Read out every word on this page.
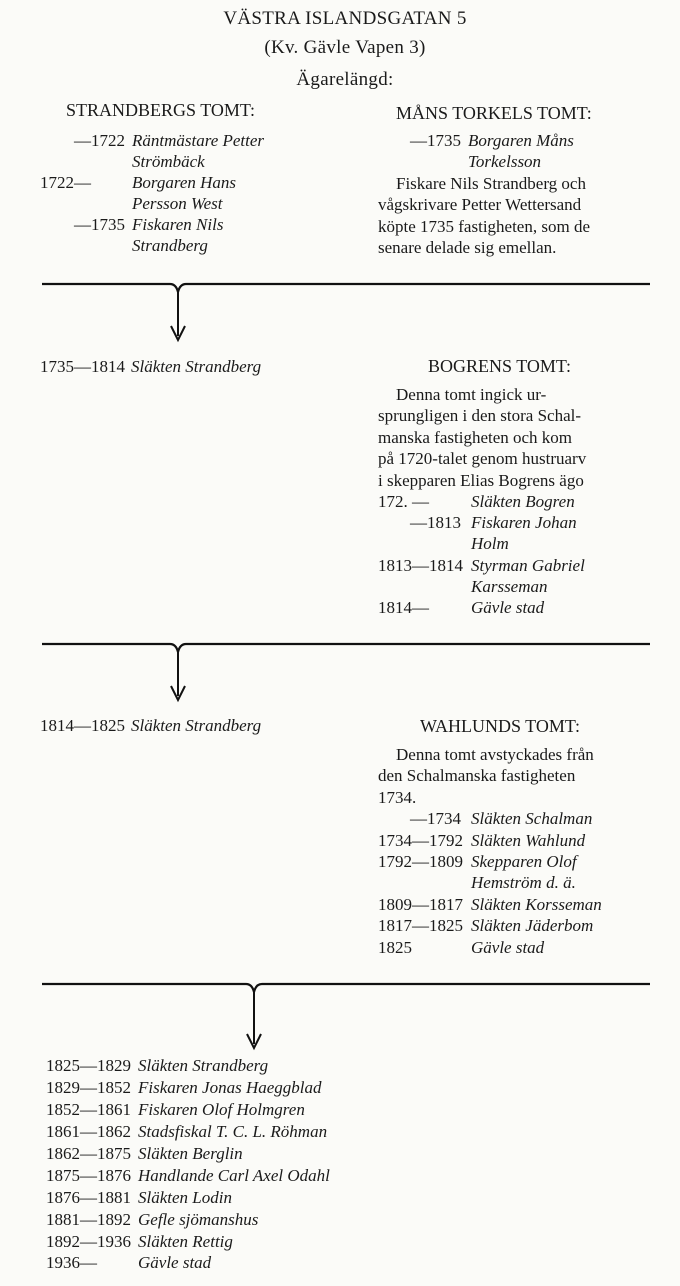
VÄSTRA ISLANDSGATAN 5
(Kv. Gävle Vapen 3)
Ägarelängd:
STRANDBERGS TOMT:
—1722 Räntmästare Petter
Strömbäck
1722— Borgaren Hans
Persson West
—1735 Fiskaren Nils
Strandberg
MÅNS TORKELS TOMT:
—1735 Borgaren Måns
Torkelsson
Fiskare Nils Strandberg och
vågskrivare Petter Wettersand
köpte 1735 fastigheten, som de
senare delade sig emellan.
1735—1814 Släkten Strandberg	BOGRENS TOMT:
Denna tomt ingick ur-
sprungligen i den stora Schal-
manska fastigheten och kom
på 1720-talet genom hustruarv
i skepparen Elias Bogrens ägo
172. — Släkten Bogren
—1813 Fiskaren Johan
Holm
1813—1814 Styrman Gabriel
Karsseman
1814— Gävle stad
1814—1825 Släkten Strandberg	WAHLUNDS TOMT:
Denna tomt avstyckades från
den Schalmanska fastigheten
1734.
—1734 Släkten Schalman
1734—1792 Släkten Wahlund
1792—1809 Skepparen Olof
Hemström d. ä.
1809—1817 Släkten Korsseman
1817—1825 Släkten Jäderbom
1825	Gävle stad
1825—1829 Släkten Strandberg
1829—1852 Fiskaren Jonas Haeggblad
1852—1861 Fiskaren Olof Holmgren
1861—1862 Stadsfiskal T. C. L. Röhman
1862—1875 Släkten Berglin
1875—1876 Handlande Carl Axel Odahl
1876—1881 Släkten Lodin
1881—1892 Gefle sjömanshus
1892—1936 Släkten Rettig
1936— Gävle stad
